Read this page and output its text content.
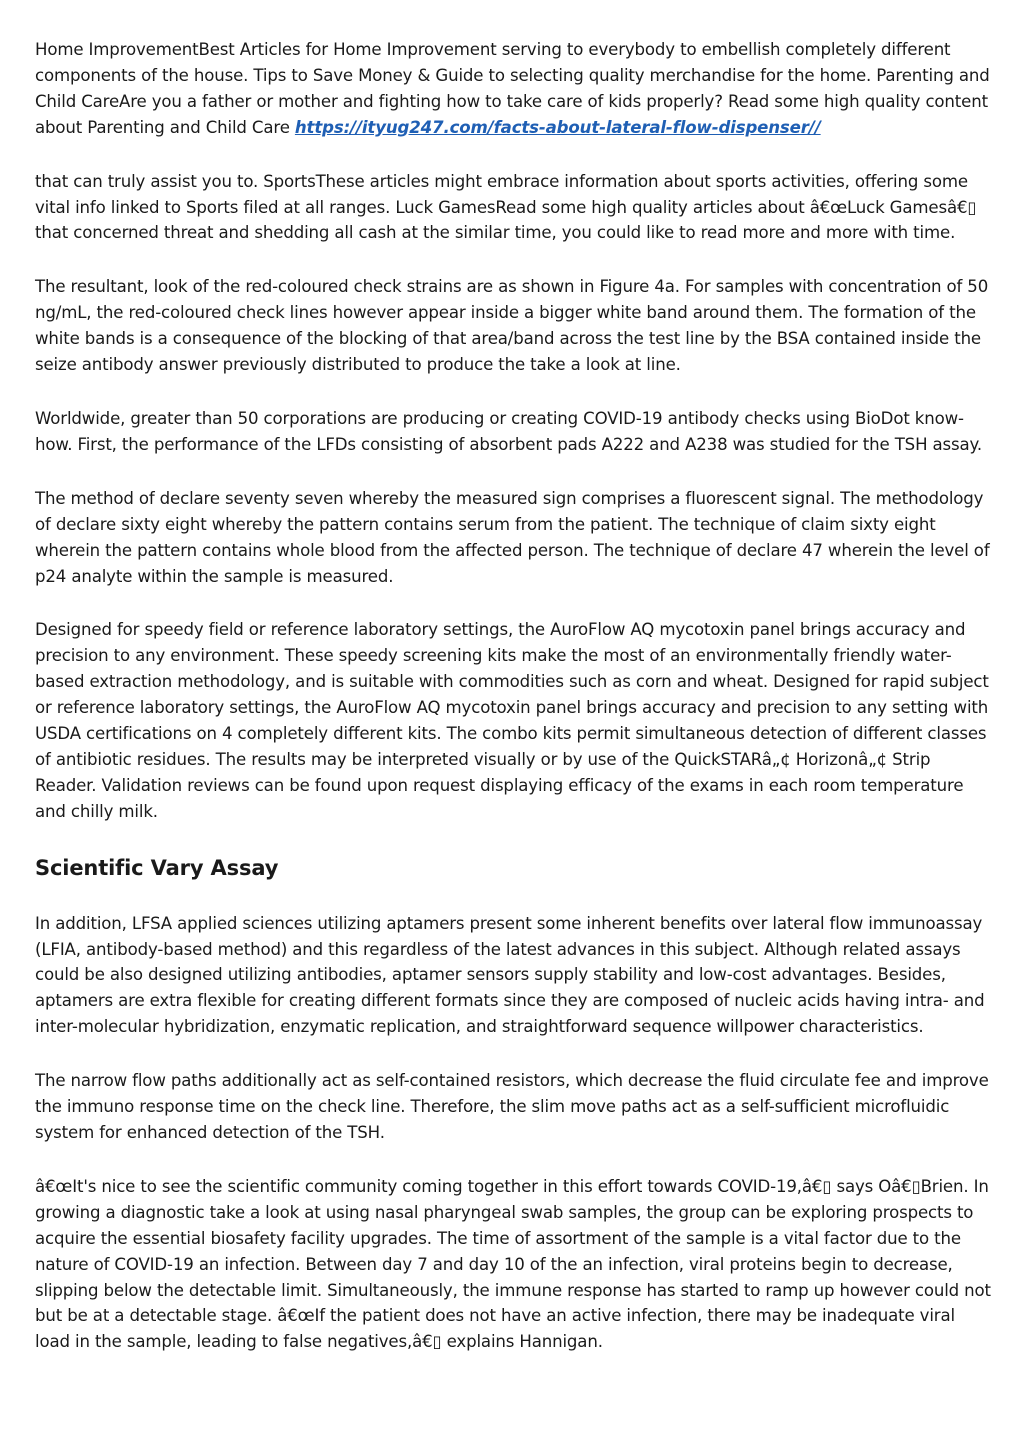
Home ImprovementBest Articles for Home Improvement serving to everybody to embellish completely different components of the house. Tips to Save Money & Guide to selecting quality merchandise for the home. Parenting and Child CareAre you a father or mother and fighting how to take care of kids properly? Read some high quality content about Parenting and Child Care https://ityug247.com/facts-about-lateral-flow-dispenser//

that can truly assist you to. SportsThese articles might embrace information about sports activities, offering some vital info linked to Sports filed at all ranges. Luck GamesRead some high quality articles about â€œLuck Gamesâ€▯ that concerned threat and shedding all cash at the similar time, you could like to read more and more with time.

The resultant, look of the red-coloured check strains are as shown in Figure 4a. For samples with concentration of 50 ng/mL, the red-coloured check lines however appear inside a bigger white band around them. The formation of the white bands is a consequence of the blocking of that area/band across the test line by the BSA contained inside the seize antibody answer previously distributed to produce the take a look at line.

Worldwide, greater than 50 corporations are producing or creating COVID-19 antibody checks using BioDot know-how. First, the performance of the LFDs consisting of absorbent pads A222 and A238 was studied for the TSH assay.

The method of declare seventy seven whereby the measured sign comprises a fluorescent signal. The methodology of declare sixty eight whereby the pattern contains serum from the patient. The technique of claim sixty eight wherein the pattern contains whole blood from the affected person. The technique of declare 47 wherein the level of p24 analyte within the sample is measured.

Designed for speedy field or reference laboratory settings, the AuroFlow AQ mycotoxin panel brings accuracy and precision to any environment. These speedy screening kits make the most of an environmentally friendly water-based extraction methodology, and is suitable with commodities such as corn and wheat. Designed for rapid subject or reference laboratory settings, the AuroFlow AQ mycotoxin panel brings accuracy and precision to any setting with USDA certifications on 4 completely different kits. The combo kits permit simultaneous detection of different classes of antibiotic residues. The results may be interpreted visually or by use of the QuickSTARâ„¢ Horizonâ„¢ Strip Reader. Validation reviews can be found upon request displaying efficacy of the exams in each room temperature and chilly milk.

Scientific Vary Assay

In addition, LFSA applied sciences utilizing aptamers present some inherent benefits over lateral flow immunoassay (LFIA, antibody-based method) and this regardless of the latest advances in this subject. Although related assays could be also designed utilizing antibodies, aptamer sensors supply stability and low-cost advantages. Besides, aptamers are extra flexible for creating different formats since they are composed of nucleic acids having intra- and inter-molecular hybridization, enzymatic replication, and straightforward sequence willpower characteristics.

The narrow flow paths additionally act as self-contained resistors, which decrease the fluid circulate fee and improve the immuno response time on the check line. Therefore, the slim move paths act as a self-sufficient microfluidic system for enhanced detection of the TSH.

â€œIt's nice to see the scientific community coming together in this effort towards COVID-19,â€▯ says Oâ€▯Brien. In growing a diagnostic take a look at using nasal pharyngeal swab samples, the group can be exploring prospects to acquire the essential biosafety facility upgrades. The time of assortment of the sample is a vital factor due to the nature of COVID-19 an infection. Between day 7 and day 10 of the an infection, viral proteins begin to decrease, slipping below the detectable limit. Simultaneously, the immune response has started to ramp up however could not but be at a detectable stage. â€œIf the patient does not have an active infection, there may be inadequate viral load in the sample, leading to false negatives,â€▯ explains Hannigan.
